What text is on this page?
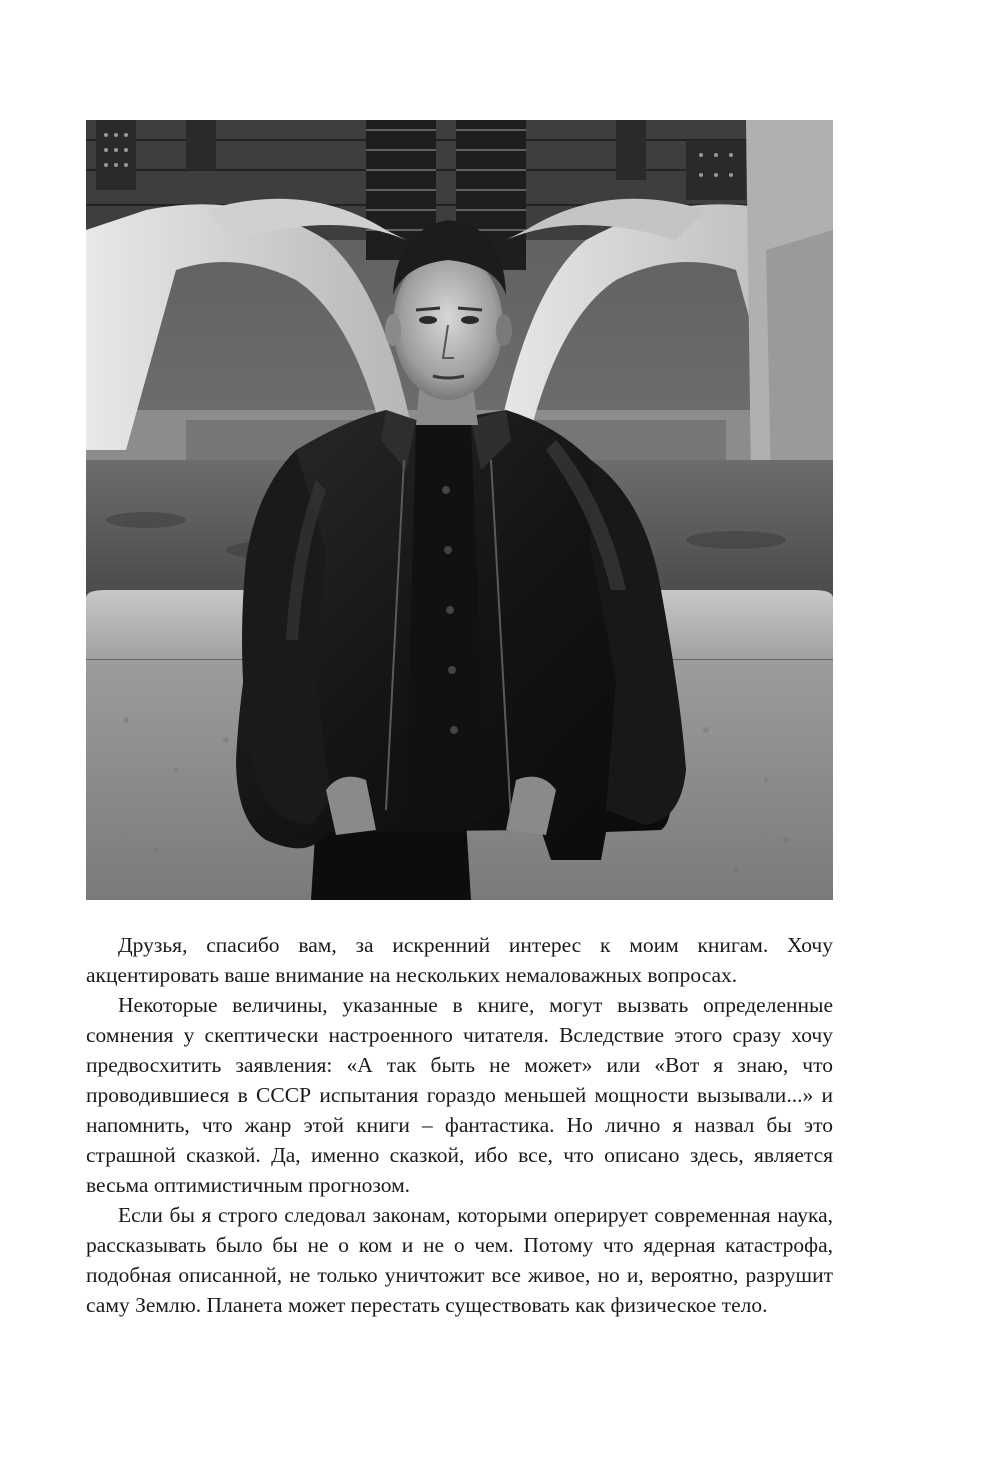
Друзья, спасибо вам, за искренний интерес к моим книгам. Хочу акцентировать ваше внимание на нескольких немаловажных вопросах.

Некоторые величины, указанные в книге, могут вызвать определенные сомнения у скептически настроенного читателя. Вследствие этого сразу хочу предвосхитить заявления: «А так быть не может» или «Вот я знаю, что проводившиеся в СССР испытания гораздо меньшей мощности вызывали...» и напомнить, что жанр этой книги – фантастика. Но лично я назвал бы это страшной сказкой. Да, именно сказкой, ибо все, что описано здесь, является весьма оптимистичным прогнозом.

Если бы я строго следовал законам, которыми оперирует современная наука, рассказывать было бы не о ком и не о чем. Потому что ядерная катастрофа, подобная описанной, не только уничтожит все живое, но и, вероятно, разрушит саму Землю. Планета может перестать существовать как физическое тело.
